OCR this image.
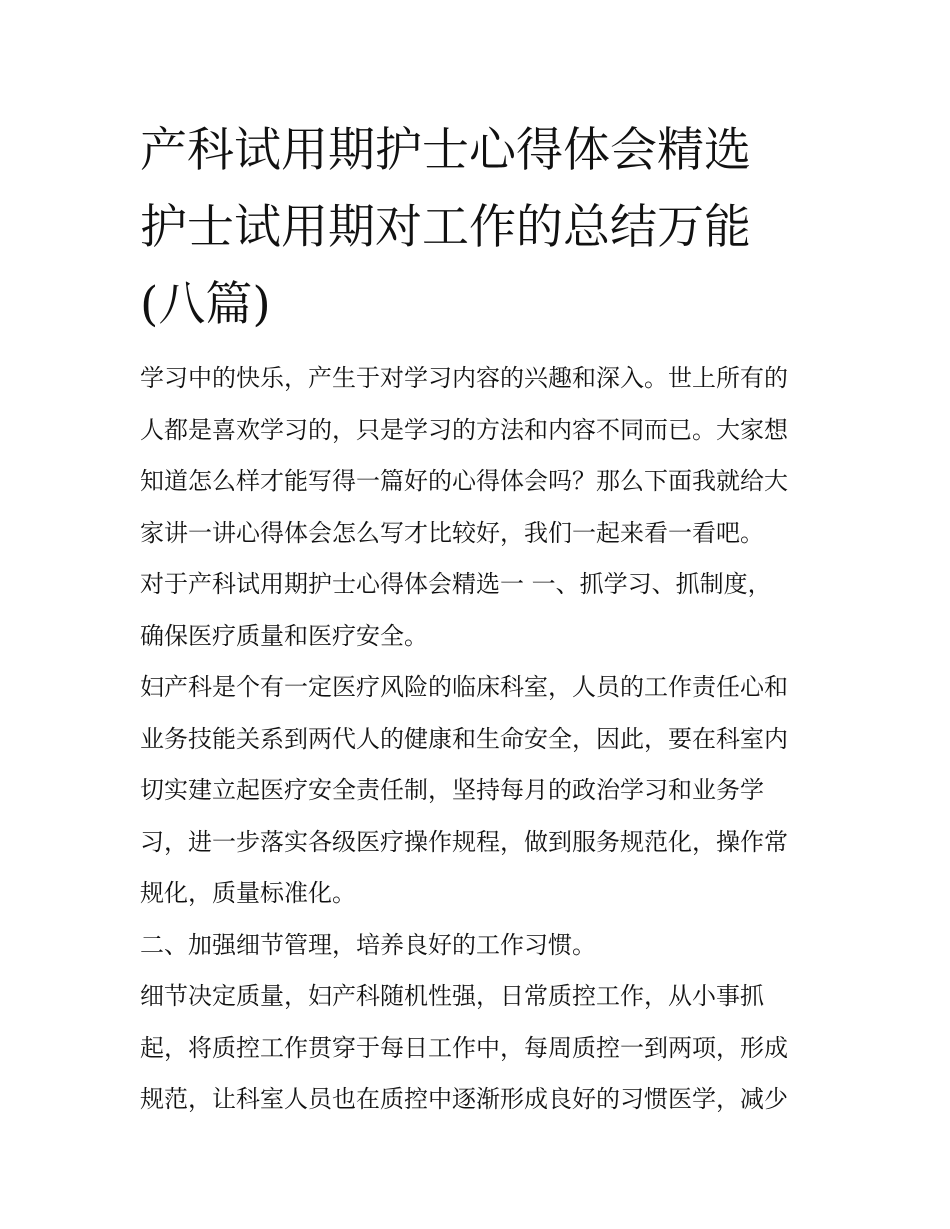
产科试用期护士心得体会精选
护士试用期对工作的总结万能
(八篇)
学习中的快乐，产生于对学习内容的兴趣和深入。世上所有的
人都是喜欢学习的，只是学习的方法和内容不同而已。大家想
知道怎么样才能写得一篇好的心得体会吗？那么下面我就给大
家讲一讲心得体会怎么写才比较好，我们一起来看一看吧。
对于产科试用期护士心得体会精选一 一、抓学习、抓制度，
确保医疗质量和医疗安全。
妇产科是个有一定医疗风险的临床科室，人员的工作责任心和
业务技能关系到两代人的健康和生命安全，因此，要在科室内
切实建立起医疗安全责任制，坚持每月的政治学习和业务学
习，进一步落实各级医疗操作规程，做到服务规范化，操作常
规化，质量标准化。
二、加强细节管理，培养良好的工作习惯。
细节决定质量，妇产科随机性强，日常质控工作，从小事抓
起，将质控工作贯穿于每日工作中，每周质控一到两项，形成
规范，让科室人员也在质控中逐渐形成良好的习惯医学，减少
